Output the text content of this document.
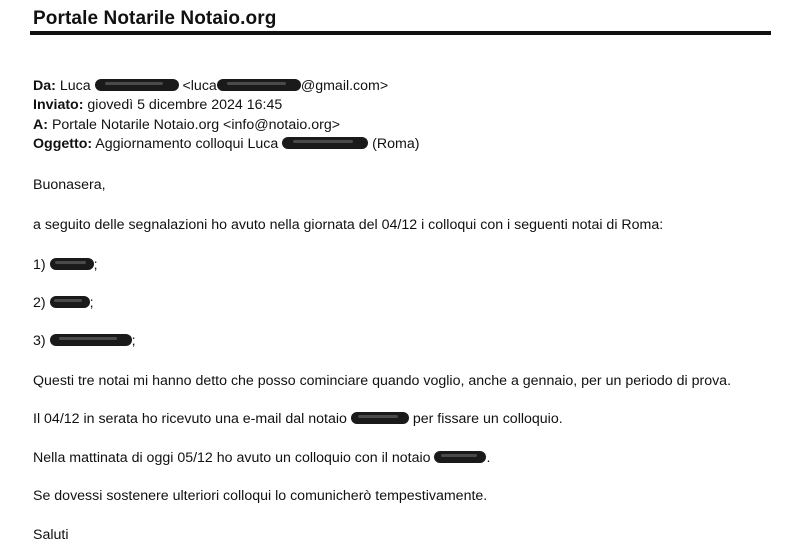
Portale Notarile Notaio.org
Da: Luca	<luca	@gmail.com>
Inviato: giovedì 5 dicembre 2024 16:45
A: Portale Notarile Notaio.org <info@notaio.org>
Oggetto: Aggiornamento colloqui Luca	(Roma)
Buonasera,
a seguito delle segnalazioni ho avuto nella giornata del 04/12 i colloqui con i seguenti notai di Roma:
1)	;
2)	;
3)	;
Questi tre notai mi hanno detto che posso cominciare quando voglio, anche a gennaio, per un periodo di prova.
Il 04/12 in serata ho ricevuto una e-mail dal notaio	per fissare un colloquio.
Nella mattinata di oggi 05/12 ho avuto un colloquio con il notaio	.
Se dovessi sostenere ulteriori colloqui lo comunicherò tempestivamente.
Saluti
